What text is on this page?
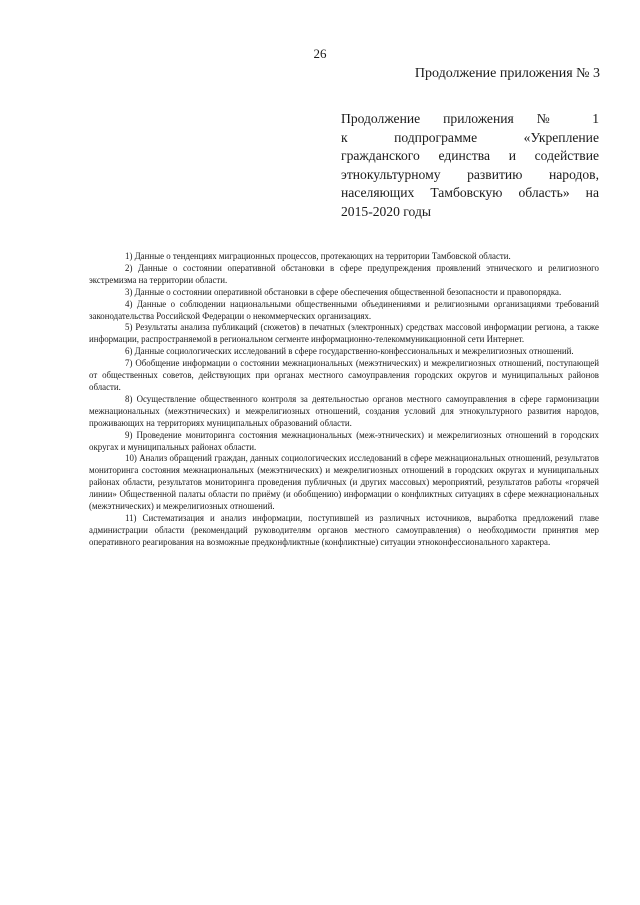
26
Продолжение приложения № 3
Продолжение приложения № 1
к подпрограмме «Укрепление
гражданского единства и содействие
этнокультурному развитию народов,
населяющих Тамбовскую область» на
2015-2020 годы

1) Данные о тенденциях миграционных процессов, протекающих на территории Тамбовской области.

2) Данные о состоянии оперативной обстановки в сфере предупреждения проявлений этнического и религиозного экстремизма на территории области.

3) Данные о состоянии оперативной обстановки в сфере обеспечения общественной безопасности и правопорядка.

4) Данные о соблюдении национальными общественными объединениями и религиозными организациями требований законодательства Российской Федерации о некоммерческих организациях.

5) Результаты анализа публикаций (сюжетов) в печатных (электронных) средствах массовой информации региона, а также информации, распространяемой в региональном сегменте информационно-телекоммуникационной сети Интернет.

6) Данные социологических исследований в сфере государственно-конфессиональных и межрелигиозных отношений.

7) Обобщение информации о состоянии межнациональных (межэтнических) и межрелигиозных отношений, поступающей от общественных советов, действующих при органах местного самоуправления городских округов и муниципальных районов области.

8) Осуществление общественного контроля за деятельностью органов местного самоуправления в сфере гармонизации межнациональных (межэтнических) и межрелигиозных отношений, создания условий для этнокультурного развития народов, проживающих на территориях муниципальных образований области.

9) Проведение мониторинга состояния межнациональных (меж-этнических) и межрелигиозных отношений в городских округах и муниципальных районах области.

10) Анализ обращений граждан, данных социологических исследований в сфере межнациональных отношений, результатов мониторинга состояния межнациональных (межэтнических) и межрелигиозных отношений в городских округах и муниципальных районах области, результатов мониторинга проведения публичных (и других массовых) мероприятий, результатов работы «горячей линии» Общественной палаты области по приёму (и обобщению) информации о конфликтных ситуациях в сфере межнациональных (межэтнических) и межрелигиозных отношений.

11) Систематизация и анализ информации, поступившей из различных источников, выработка предложений главе администрации области (рекомендаций руководителям органов местного самоуправления) о необходимости принятия мер оперативного реагирования на возможные предконфликтные (конфликтные) ситуации этноконфессионального характера.
